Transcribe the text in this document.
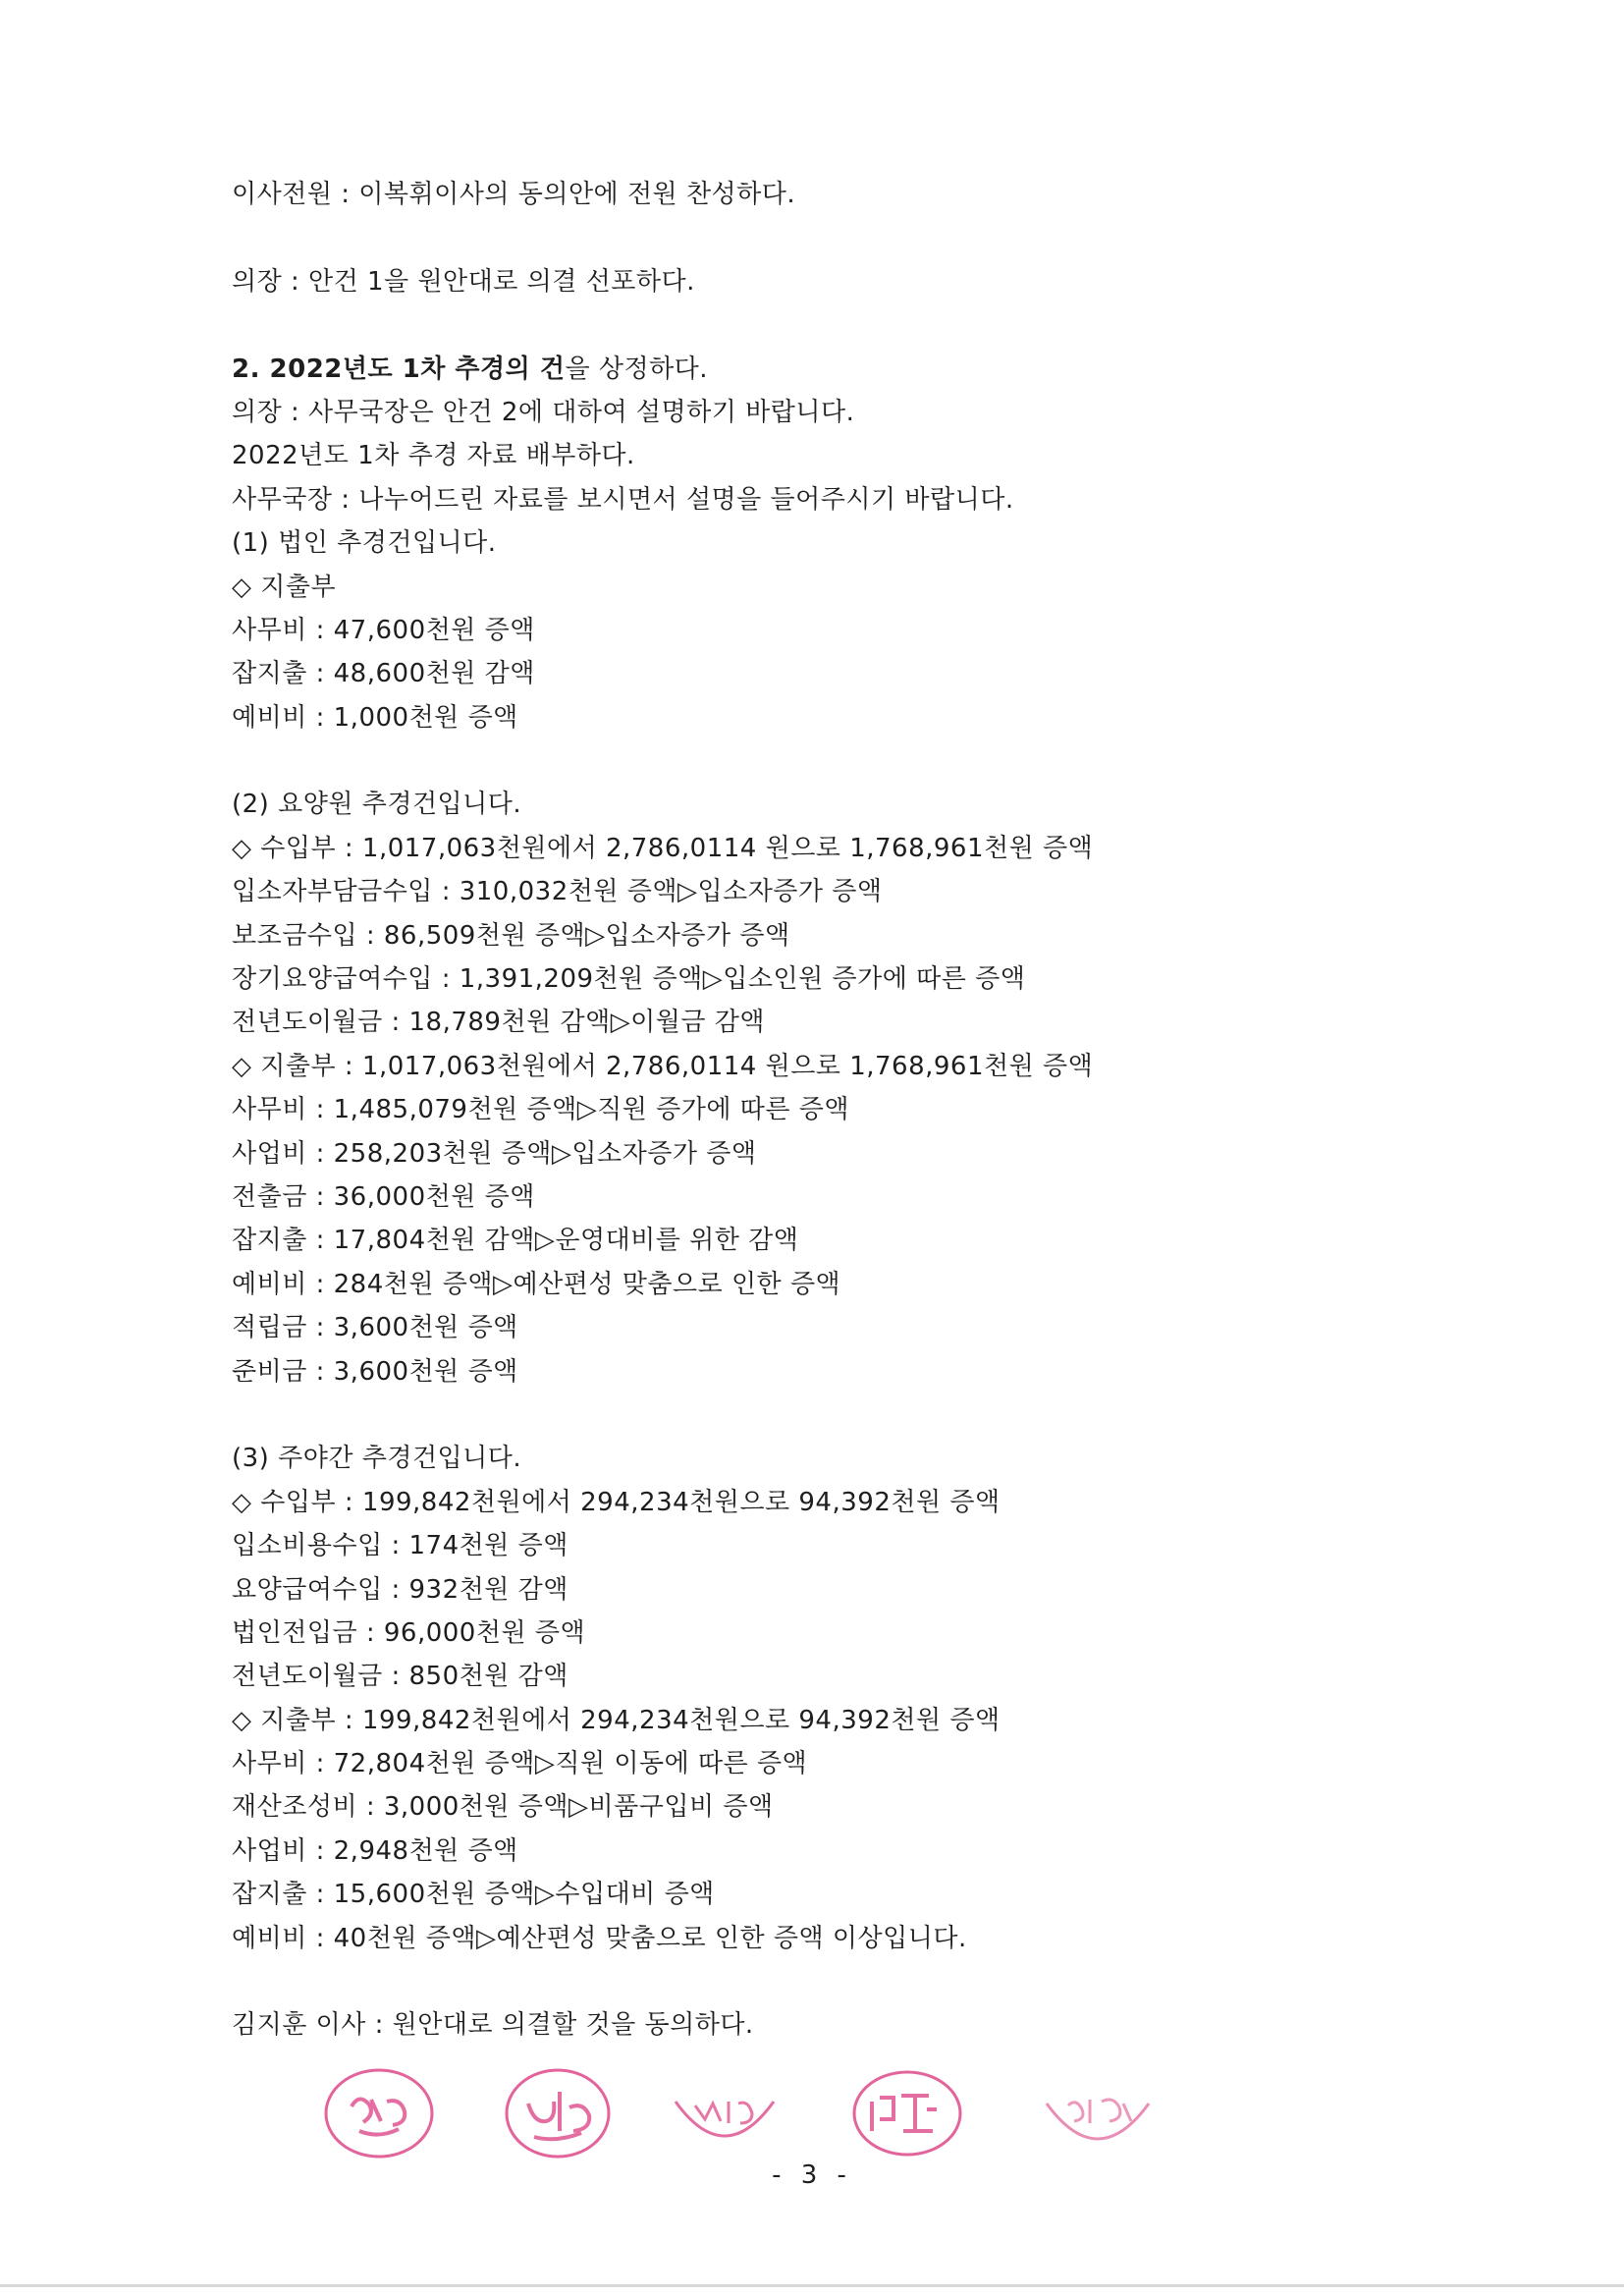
이사전원 : 이복휘이사의 동의안에 전원 찬성하다.
의장 : 안건 1을 원안대로 의결 선포하다.
2. 2022년도 1차 추경의 건을 상정하다.
의장 : 사무국장은 안건 2에 대하여 설명하기 바랍니다.
2022년도 1차 추경 자료 배부하다.
사무국장 : 나누어드린 자료를 보시면서 설명을 들어주시기 바랍니다.
(1) 법인 추경건입니다.
◇ 지출부
사무비 : 47,600천원 증액
잡지출 : 48,600천원 감액
예비비 : 1,000천원 증액
(2) 요양원 추경건입니다.
◇ 수입부 : 1,017,063천원에서 2,786,0114 원으로 1,768,961천원 증액
입소자부담금수입 : 310,032천원 증액▷입소자증가 증액
보조금수입 : 86,509천원 증액▷입소자증가 증액
장기요양급여수입 : 1,391,209천원 증액▷입소인원 증가에 따른 증액
전년도이월금 : 18,789천원 감액▷이월금 감액
◇ 지출부 : 1,017,063천원에서 2,786,0114 원으로 1,768,961천원 증액
사무비 : 1,485,079천원 증액▷직원 증가에 따른 증액
사업비 : 258,203천원 증액▷입소자증가 증액
전출금 : 36,000천원 증액
잡지출 : 17,804천원 감액▷운영대비를 위한 감액
예비비 : 284천원 증액▷예산편성 맞춤으로 인한 증액
적립금 : 3,600천원 증액
준비금 : 3,600천원 증액
(3) 주야간 추경건입니다.
◇ 수입부 : 199,842천원에서 294,234천원으로 94,392천원 증액
입소비용수입 : 174천원 증액
요양급여수입 : 932천원 감액
법인전입금 : 96,000천원 증액
전년도이월금 : 850천원 감액
◇ 지출부 : 199,842천원에서 294,234천원으로 94,392천원 증액
사무비 : 72,804천원 증액▷직원 이동에 따른 증액
재산조성비 : 3,000천원 증액▷비품구입비 증액
사업비 : 2,948천원 증액
잡지출 : 15,600천원 증액▷수입대비 증액
예비비 : 40천원 증액▷예산편성 맞춤으로 인한 증액 이상입니다.
김지훈 이사 : 원안대로 의결할 것을 동의하다.
- 3 -
